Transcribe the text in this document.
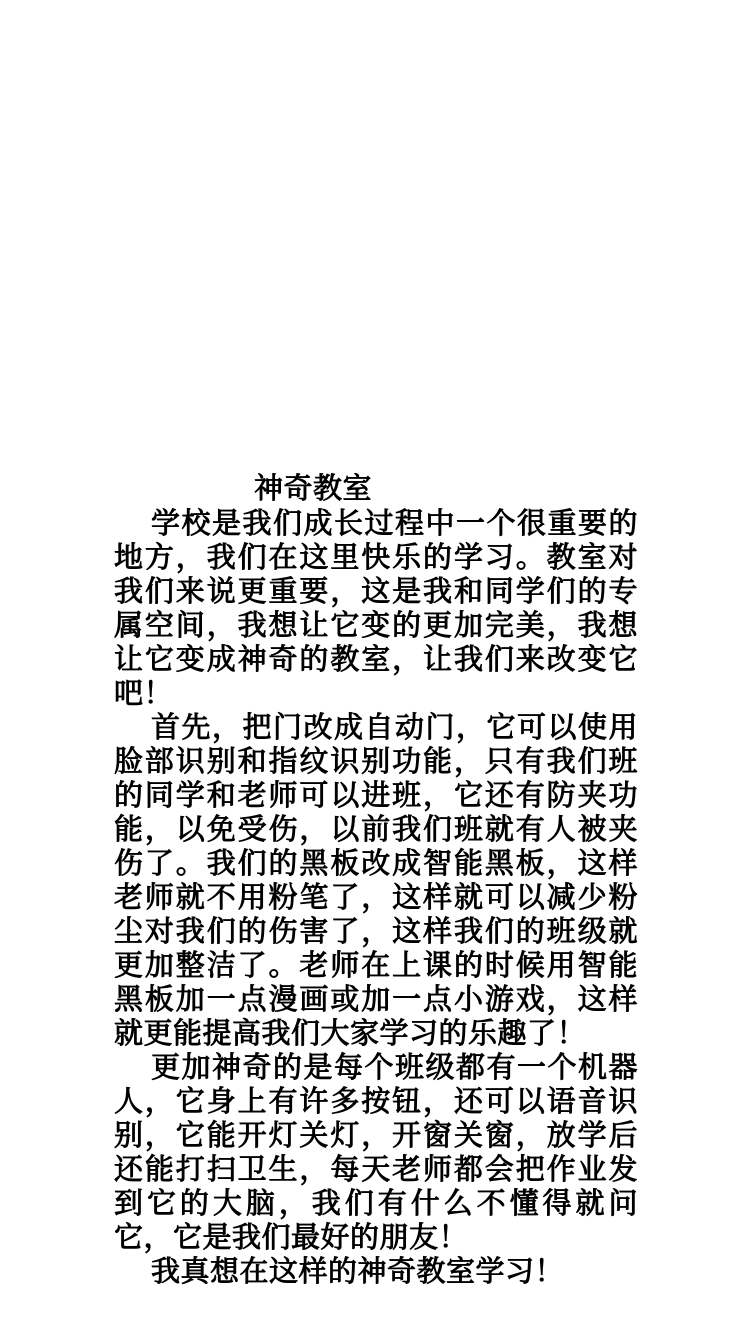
神奇教室

学校是我们成长过程中一个很重要的地方，我们在这里快乐的学习。教室对我们来说更重要，这是我和同学们的专属空间，我想让它变的更加完美，我想让它变成神奇的教室，让我们来改变它吧！

首先，把门改成自动门，它可以使用脸部识别和指纹识别功能，只有我们班的同学和老师可以进班，它还有防夹功能，以免受伤，以前我们班就有人被夹伤了。我们的黑板改成智能黑板，这样老师就不用粉笔了，这样就可以减少粉尘对我们的伤害了，这样我们的班级就更加整洁了。老师在上课的时候用智能黑板加一点漫画或加一点小游戏，这样就更能提高我们大家学习的乐趣了！

更加神奇的是每个班级都有一个机器人，它身上有许多按钮，还可以语音识别，它能开灯关灯，开窗关窗，放学后还能打扫卫生，每天老师都会把作业发到它的大脑，我们有什么不懂得就问它，它是我们最好的朋友！

我真想在这样的神奇教室学习！
